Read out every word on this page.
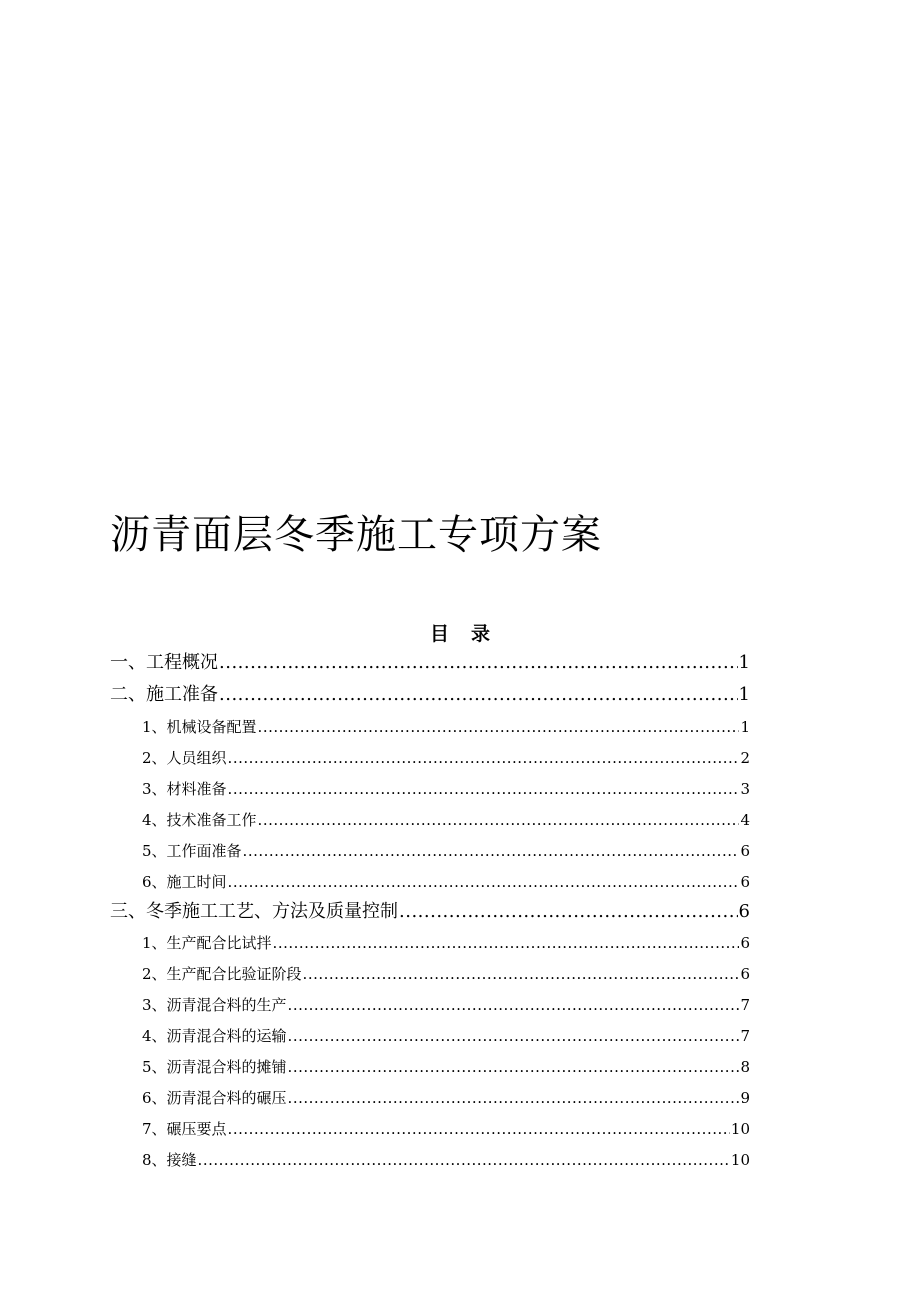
沥青面层冬季施工专项方案
目录
一、工程概况 .....	1
二、施工准备 .....	1
1、机械设备配置 .....	1
2、人员组织 .....	2
3、材料准备 .....	3
4、技术准备工作 .....	4
5、工作面准备 .....	6
6、施工时间 .....	6
三、冬季施工工艺、方法及质量控制 .....	6
1、生产配合比试拌 .....	6
2、生产配合比验证阶段 .....	6
3、沥青混合料的生产 .....	7
4、沥青混合料的运输 .....	7
5、沥青混合料的摊铺 .....	8
6、沥青混合料的碾压 .....	9
7、碾压要点 .....	10
8、接缝 .....	10
